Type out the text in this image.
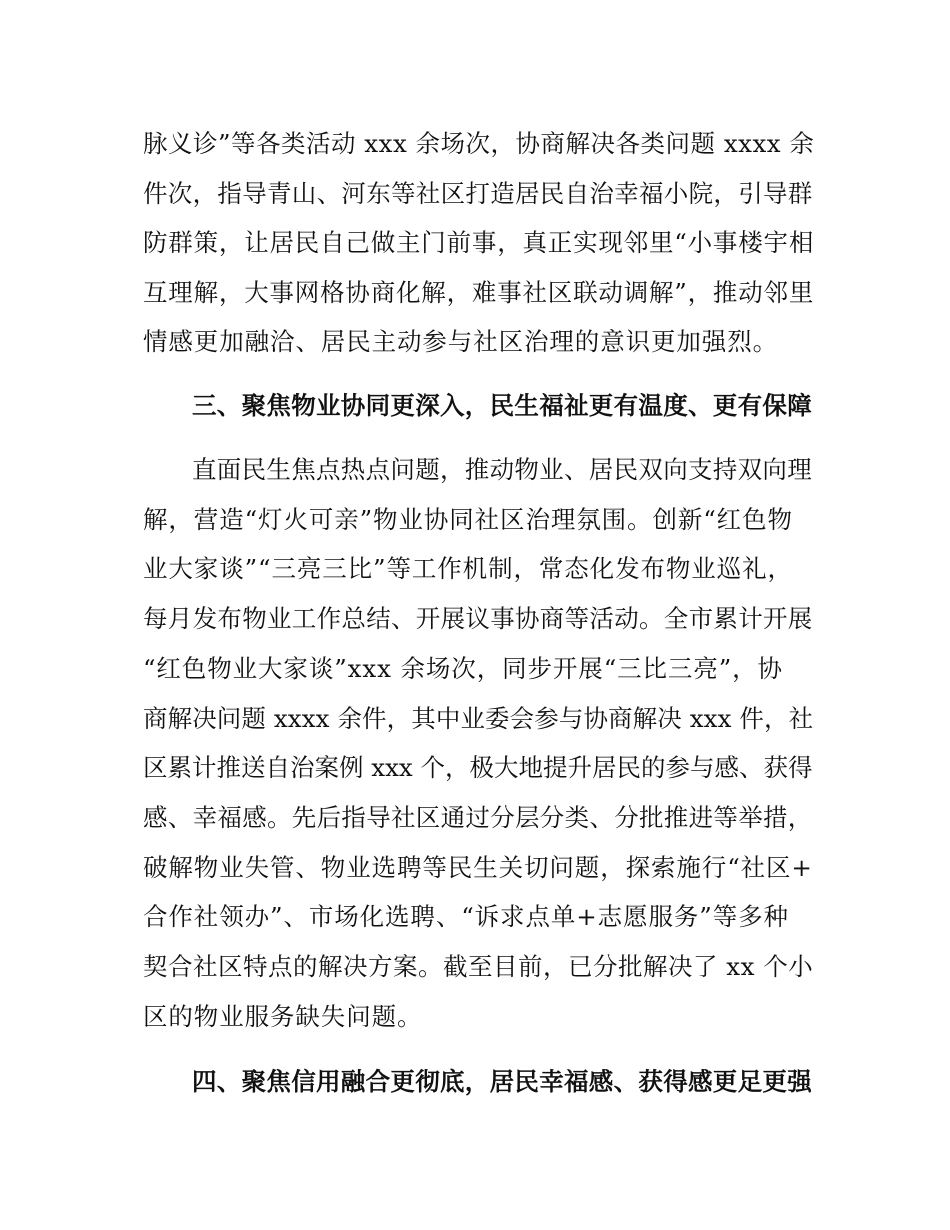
脉义诊”等各类活动 xxx 余场次，协商解决各类问题 xxxx 余
件次，指导青山、河东等社区打造居民自治幸福小院，引导群
防群策，让居民自己做主门前事，真正实现邻里“小事楼宇相
互理解，大事网格协商化解，难事社区联动调解”，推动邻里
情感更加融洽、居民主动参与社区治理的意识更加强烈。
三、聚焦物业协同更深入，民生福祉更有温度、更有保障
直面民生焦点热点问题，推动物业、居民双向支持双向理
解，营造“灯火可亲”物业协同社区治理氛围。创新“红色物
业大家谈”“三亮三比”等工作机制，常态化发布物业巡礼，
每月发布物业工作总结、开展议事协商等活动。全市累计开展
“红色物业大家谈”xxx 余场次，同步开展“三比三亮”，协
商解决问题 xxxx 余件，其中业委会参与协商解决 xxx 件，社
区累计推送自治案例 xxx 个，极大地提升居民的参与感、获得
感、幸福感。先后指导社区通过分层分类、分批推进等举措，
破解物业失管、物业选聘等民生关切问题，探索施行“社区+
合作社领办”、市场化选聘、“诉求点单+志愿服务”等多种
契合社区特点的解决方案。截至目前，已分批解决了 xx 个小
区的物业服务缺失问题。
四、聚焦信用融合更彻底，居民幸福感、获得感更足更强
